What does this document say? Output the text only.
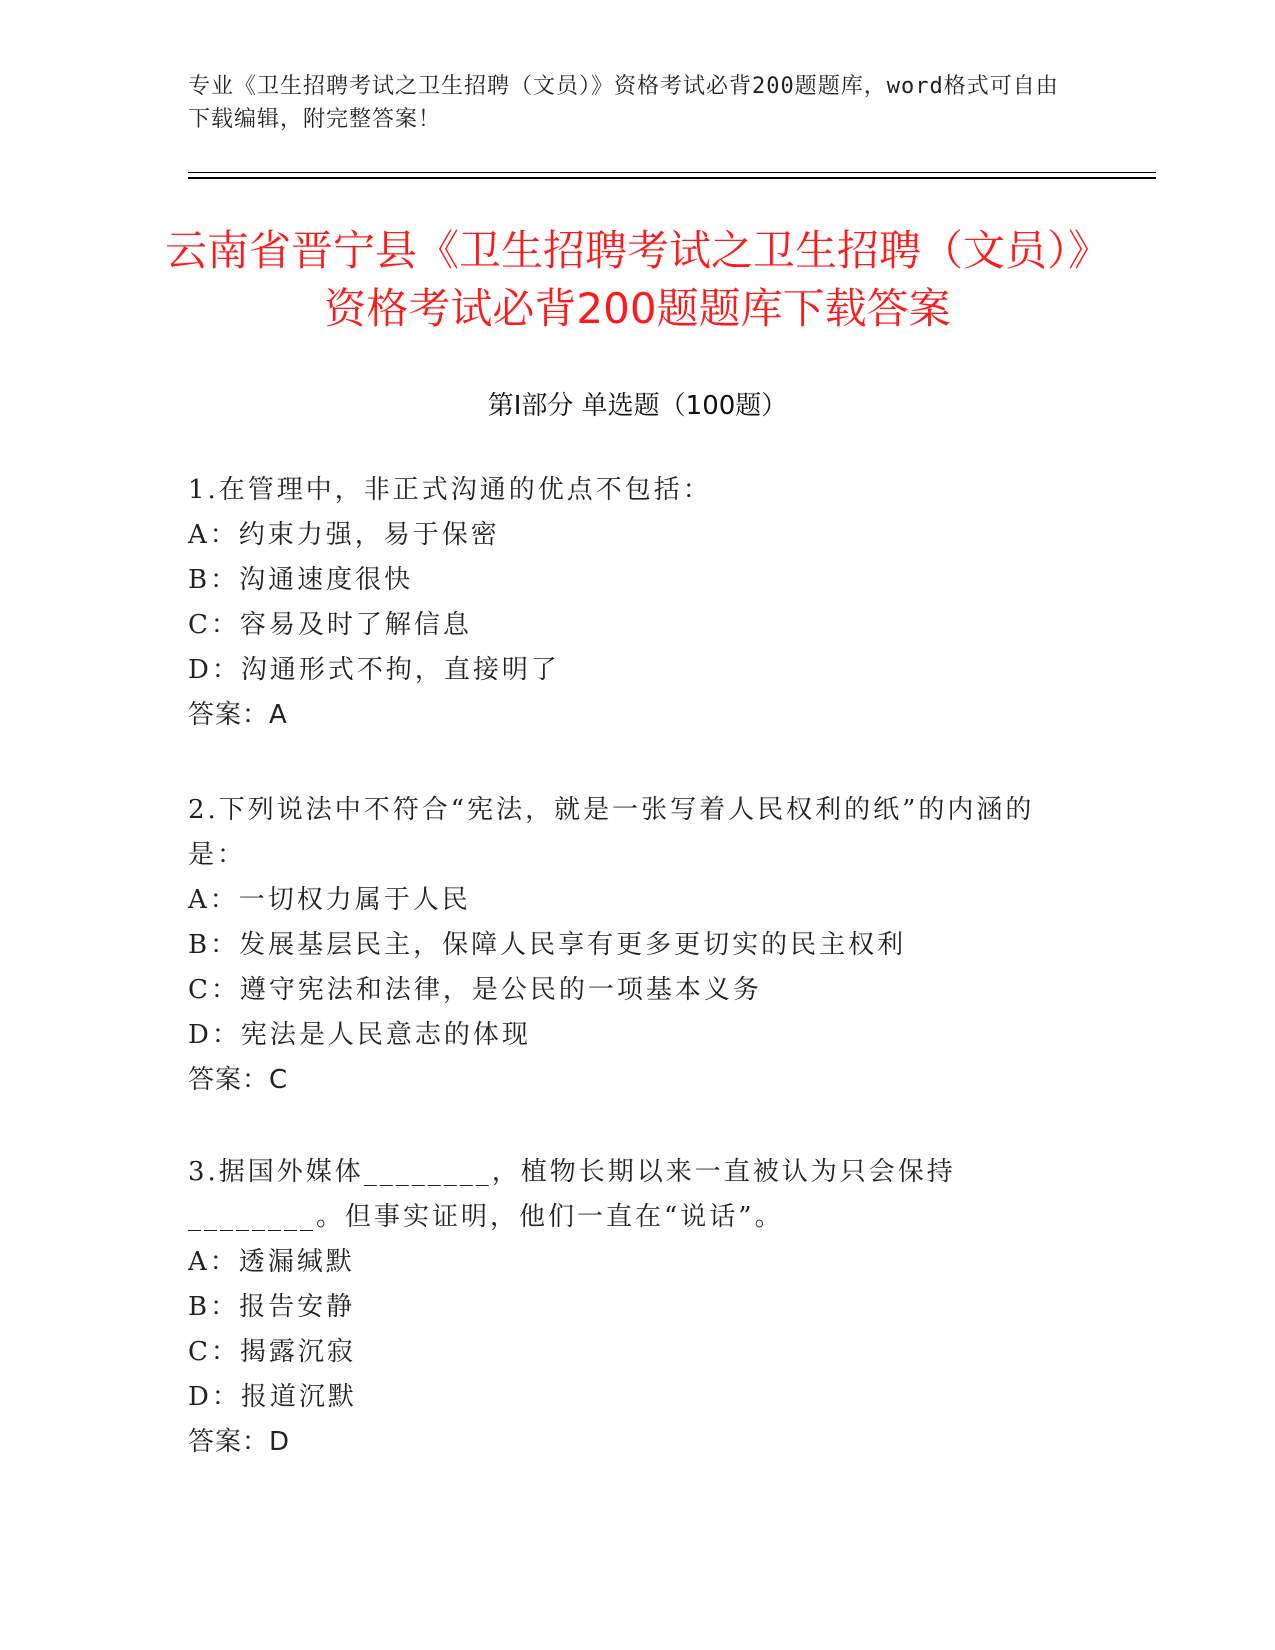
专业《卫生招聘考试之卫生招聘（文员）》资格考试必背200题题库，word格式可自由下载编辑，附完整答案！

云南省晋宁县《卫生招聘考试之卫生招聘（文员）》资格考试必背200题题库下载答案
第Ⅰ部分 单选题（100题）

1.在管理中，非正式沟通的优点不包括：

A：约束力强，易于保密

B：沟通速度很快

C：容易及时了解信息

D：沟通形式不拘，直接明了

答案：A

2.下列说法中不符合“宪法，就是一张写着人民权利的纸”的内涵的是：

A：一切权力属于人民

B：发展基层民主，保障人民享有更多更切实的民主权利

C：遵守宪法和法律，是公民的一项基本义务

D：宪法是人民意志的体现

答案：C

3.据国外媒体________，植物长期以来一直被认为只会保持________。但事实证明，他们一直在“说话”。

A：透漏缄默

B：报告安静

C：揭露沉寂

D：报道沉默

答案：D
